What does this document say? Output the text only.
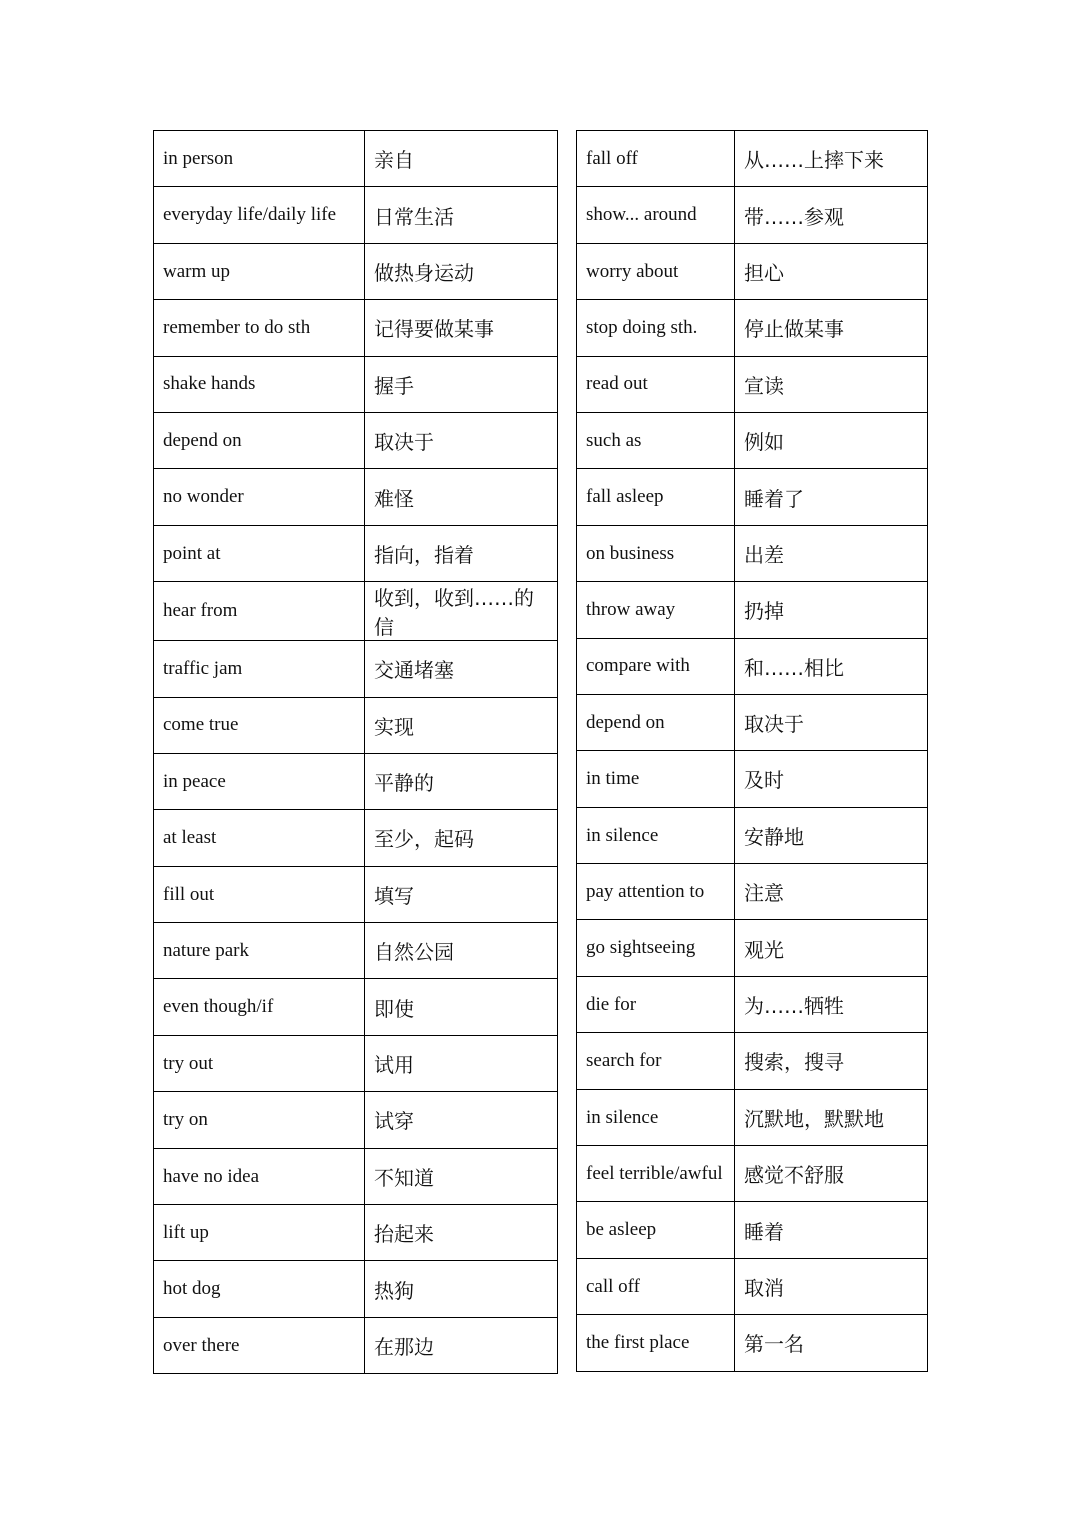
in person	亲自
everyday life/daily life	日常生活
warm up	做热身运动
remember to do sth	记得要做某事
shake hands	握手
depend on	取决于
no wonder	难怪
point at	指向，指着
hear from	收到，收到……的信
traffic jam	交通堵塞
come true	实现
in peace	平静的
at least	至少，起码
fill out	填写
nature park	自然公园
even though/if	即使
try out	试用
try on	试穿
have no idea	不知道
lift up	抬起来
hot dog	热狗
over there	在那边
fall off	从……上摔下来
show... around	带……参观
worry about	担心
stop doing sth.	停止做某事
read out	宣读
such as	例如
fall asleep	睡着了
on business	出差
throw away	扔掉
compare with	和……相比
depend on	取决于
in time	及时
in silence	安静地
pay attention to	注意
go sightseeing	观光
die for	为……牺牲
search for	搜索，搜寻
in silence	沉默地，默默地
feel terrible/awful	感觉不舒服
be asleep	睡着
call off	取消
the first place	第一名
